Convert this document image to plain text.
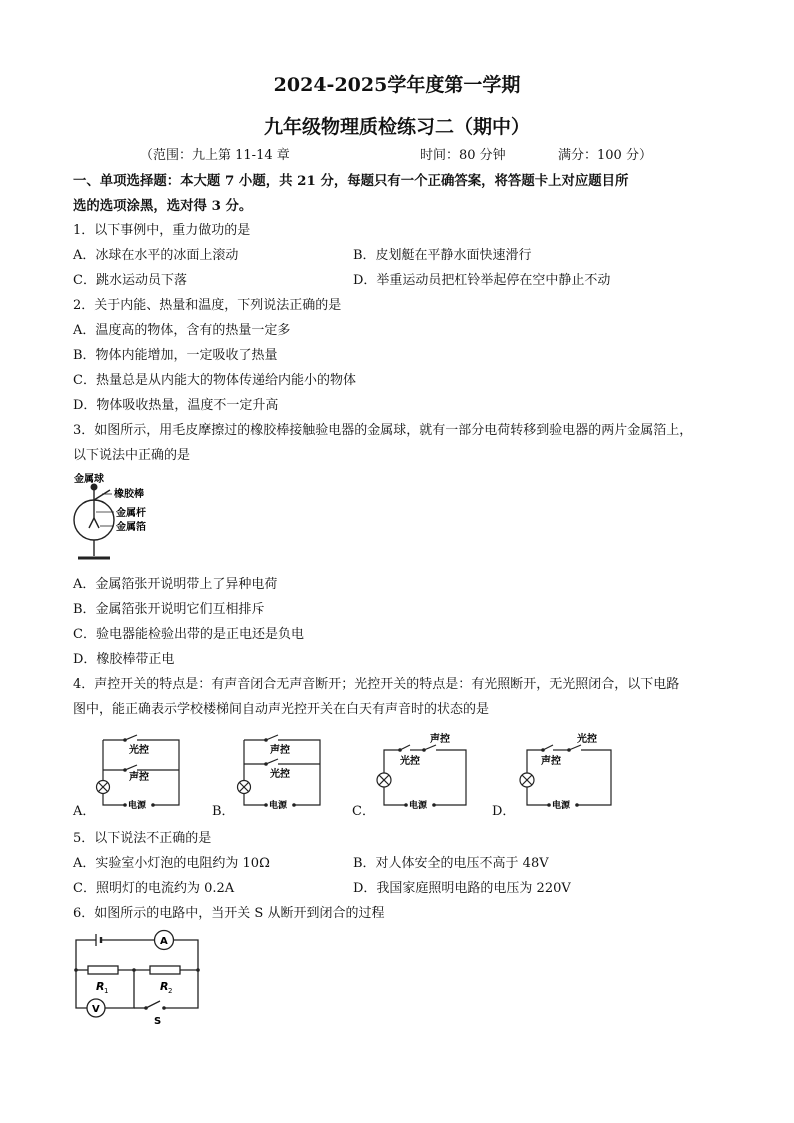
2024-2025学年度第一学期
九年级物理质检练习二（期中）
（范围：九上第 11-14 章	时间：80 分钟	满分：100 分）
一、单项选择题：本大题 7 小题，共 21 分，每题只有一个正确答案，将答题卡上对应题目所
选的选项涂黑，选对得 3 分。
1．以下事例中，重力做功的是
A．冰球在水平的冰面上滚动	B．皮划艇在平静水面快速滑行
C．跳水运动员下落	D．举重运动员把杠铃举起停在空中静止不动
2．关于内能、热量和温度，下列说法正确的是
A．温度高的物体，含有的热量一定多
B．物体内能增加，一定吸收了热量
C．热量总是从内能大的物体传递给内能小的物体
D．物体吸收热量，温度不一定升高
3．如图所示，用毛皮摩擦过的橡胶棒接触验电器的金属球，就有一部分电荷转移到验电器的两片金属箔上，
以下说法中正确的是
金属球
橡胶棒
金属杆
金属箔
A．金属箔张开说明带上了异种电荷
B．金属箔张开说明它们互相排斥
C．验电器能检验出带的是正电还是负电
D．橡胶棒带正电
4．声控开关的特点是：有声音闭合无声音断开；光控开关的特点是：有光照断开，无光照闭合，以下电路
图中，能正确表示学校楼梯间自动声光控开关在白天有声音时的状态的是
光控
声控
电源
A．
声控
光控
电源
B．
声控
光控
电源
C．
光控
声控
电源
D．
5．以下说法不正确的是
A．实验室小灯泡的电阻约为 10Ω	B．对人体安全的电压不高于 48V
C．照明灯的电流约为 0.2A	D．我国家庭照明电路的电压为 220V
6．如图所示的电路中，当开关 S 从断开到闭合的过程
A
V
R 1	R 2
S
